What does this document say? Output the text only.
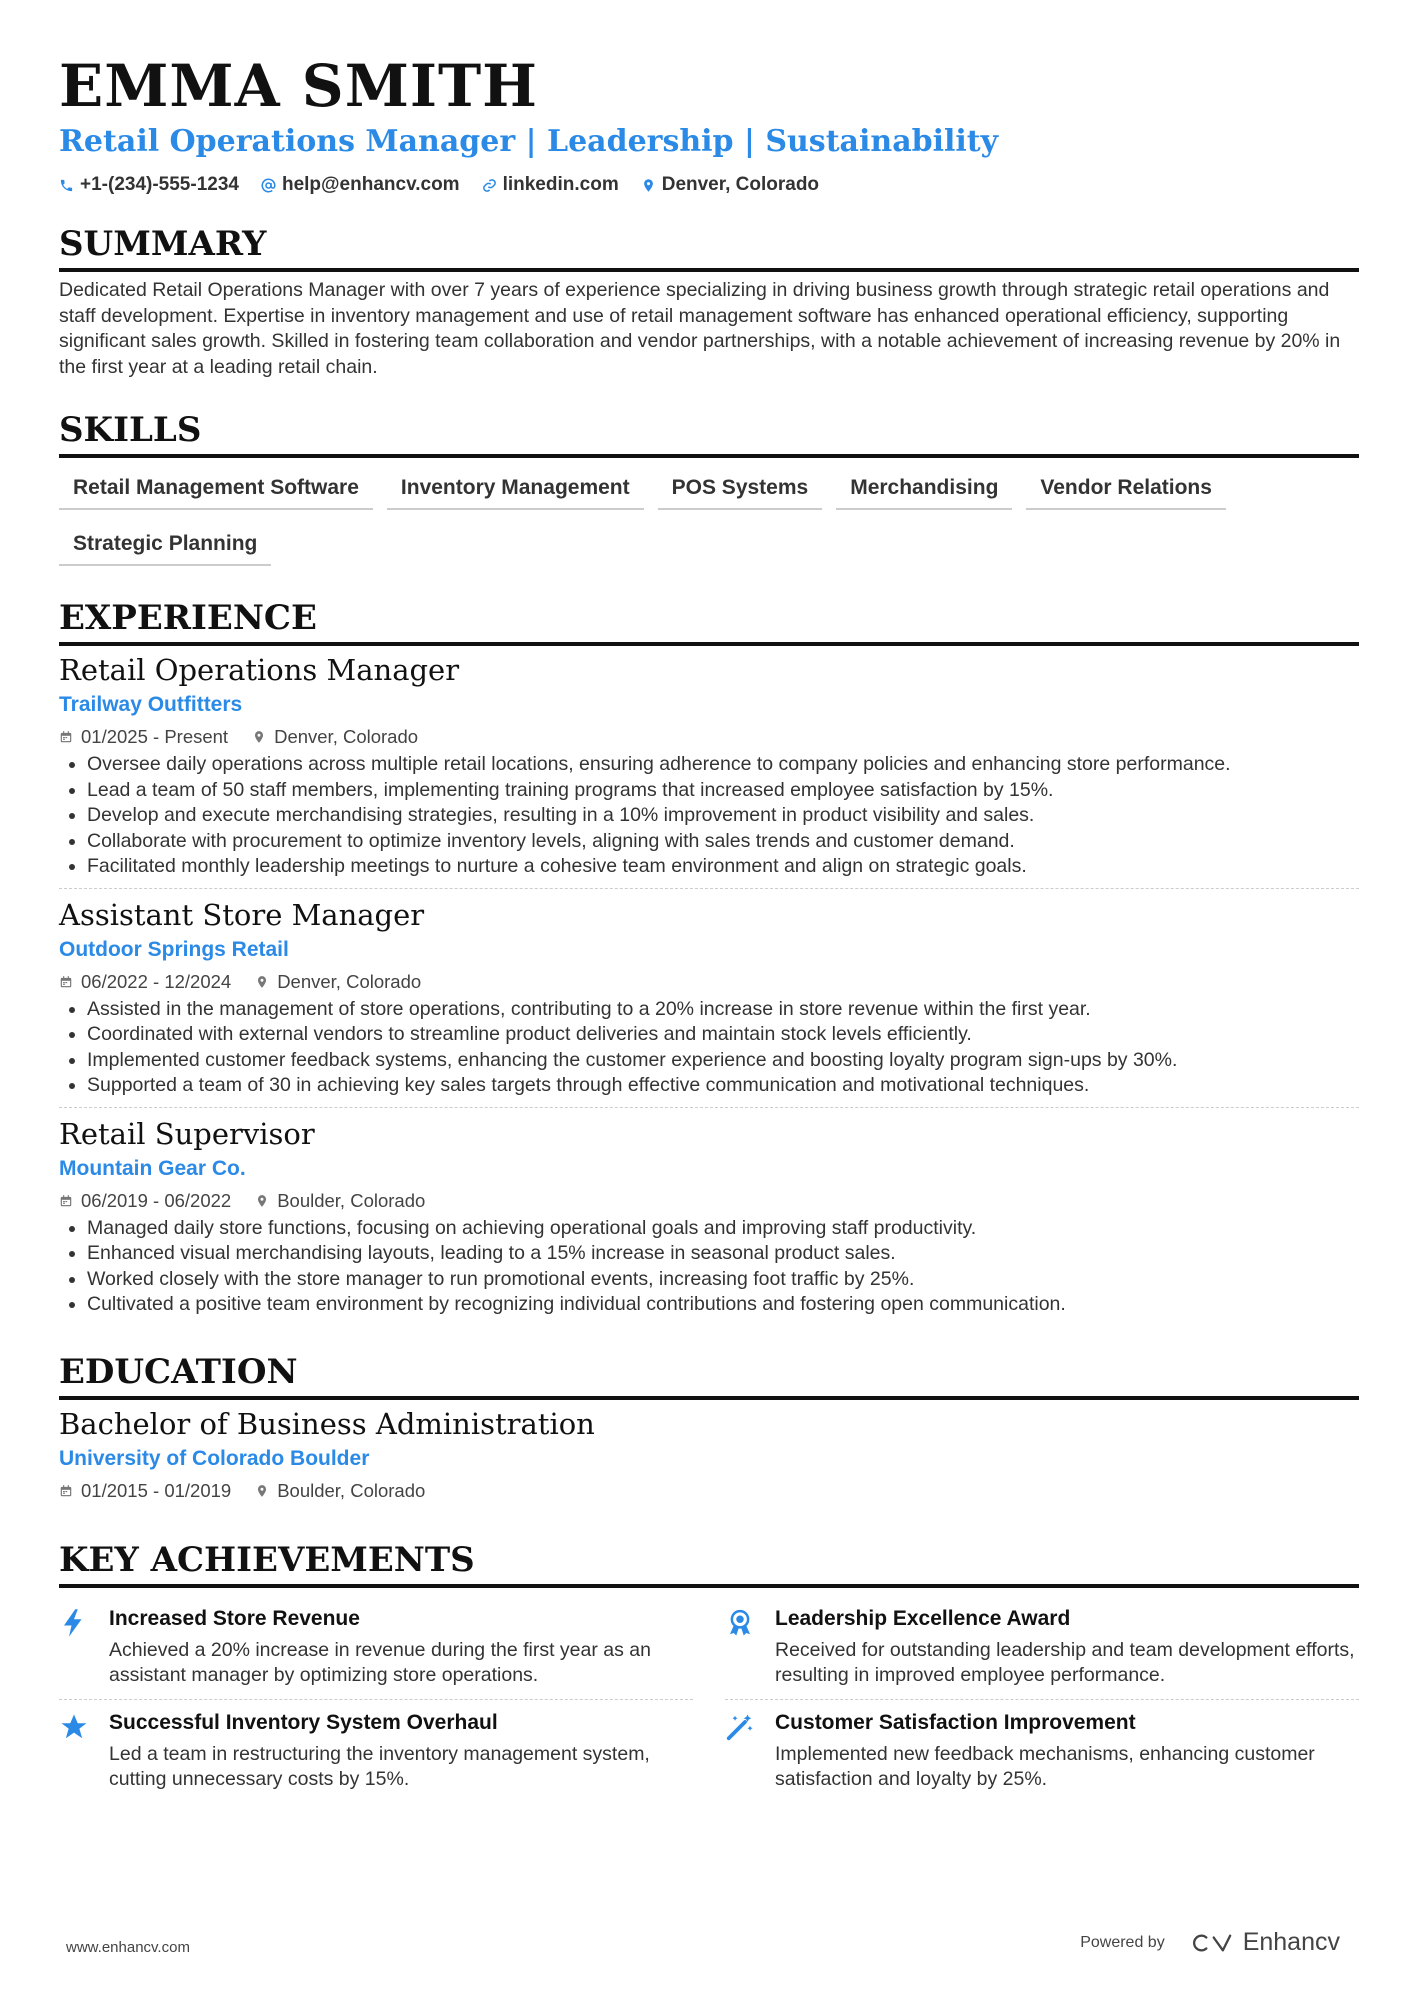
EMMA SMITH
Retail Operations Manager | Leadership | Sustainability
+1-(234)-555-1234 help@enhancv.com linkedin.com Denver, Colorado
SUMMARY
Dedicated Retail Operations Manager with over 7 years of experience specializing in driving business growth through strategic retail operations and staff development. Expertise in inventory management and use of retail management software has enhanced operational efficiency, supporting significant sales growth. Skilled in fostering team collaboration and vendor partnerships, with a notable achievement of increasing revenue by 20% in the first year at a leading retail chain.
SKILLS
Retail Management Software	Inventory Management	POS Systems	Merchandising	Vendor Relations
Strategic Planning
EXPERIENCE
Retail Operations Manager
Trailway Outfitters
01/2025 - Present Denver, Colorado
• Oversee daily operations across multiple retail locations, ensuring adherence to company policies and enhancing store performance.
• Lead a team of 50 staff members, implementing training programs that increased employee satisfaction by 15%.
• Develop and execute merchandising strategies, resulting in a 10% improvement in product visibility and sales.
• Collaborate with procurement to optimize inventory levels, aligning with sales trends and customer demand.
• Facilitated monthly leadership meetings to nurture a cohesive team environment and align on strategic goals.
Assistant Store Manager
Outdoor Springs Retail
06/2022 - 12/2024 Denver, Colorado
• Assisted in the management of store operations, contributing to a 20% increase in store revenue within the first year.
• Coordinated with external vendors to streamline product deliveries and maintain stock levels efficiently.
• Implemented customer feedback systems, enhancing the customer experience and boosting loyalty program sign-ups by 30%.
• Supported a team of 30 in achieving key sales targets through effective communication and motivational techniques.
Retail Supervisor
Mountain Gear Co.
06/2019 - 06/2022 Boulder, Colorado
• Managed daily store functions, focusing on achieving operational goals and improving staff productivity.
• Enhanced visual merchandising layouts, leading to a 15% increase in seasonal product sales.
• Worked closely with the store manager to run promotional events, increasing foot traffic by 25%.
• Cultivated a positive team environment by recognizing individual contributions and fostering open communication.
EDUCATION
Bachelor of Business Administration
University of Colorado Boulder
01/2015 - 01/2019 Boulder, Colorado
KEY ACHIEVEMENTS
Increased Store Revenue
Achieved a 20% increase in revenue during the first year as an assistant manager by optimizing store operations.
Leadership Excellence Award
Received for outstanding leadership and team development efforts, resulting in improved employee performance.
Successful Inventory System Overhaul
Led a team in restructuring the inventory management system, cutting unnecessary costs by 15%.
Customer Satisfaction Improvement
Implemented new feedback mechanisms, enhancing customer satisfaction and loyalty by 25%.
www.enhancv.com	Powered by	Enhancv
